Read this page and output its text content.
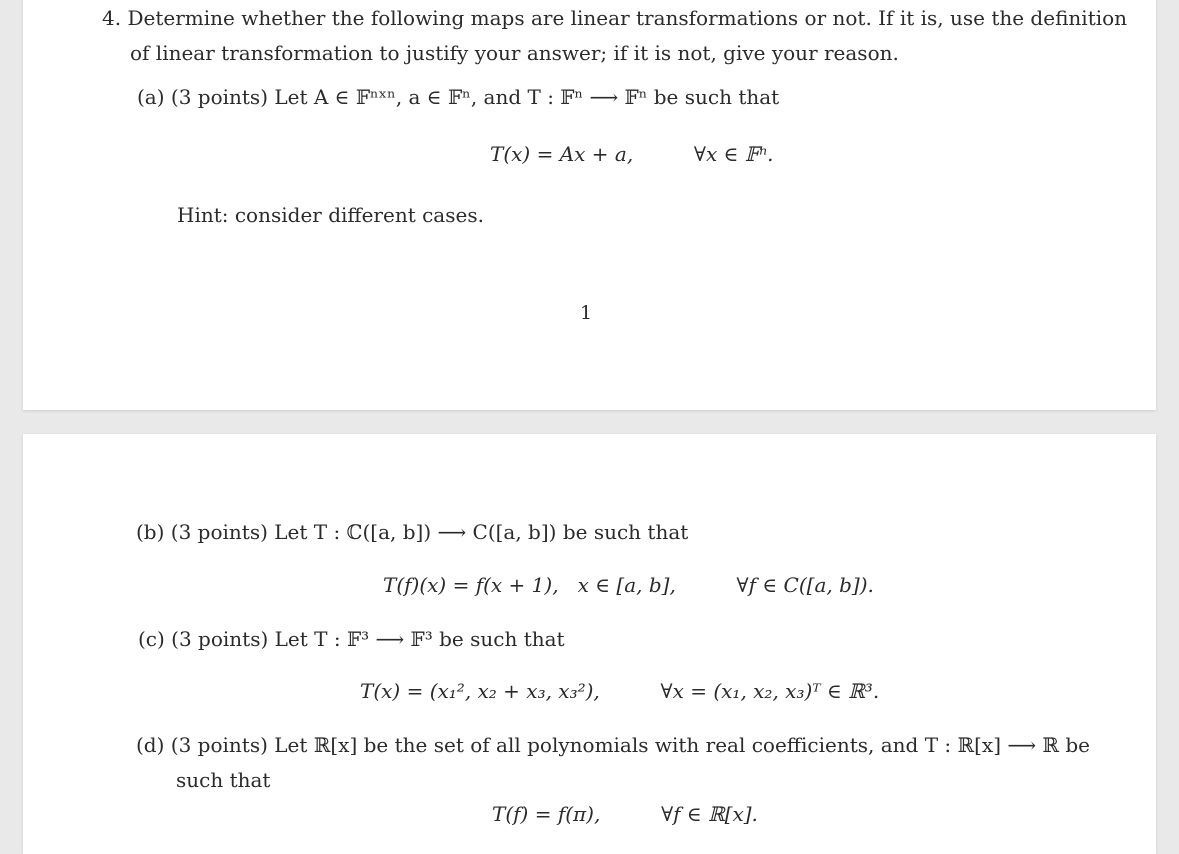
4. Determine whether the following maps are linear transformations or not. If it is, use the definition
of linear transformation to justify your answer; if it is not, give your reason.
(a) (3 points) Let A ∈ 𝔽ⁿˣⁿ, a ∈ 𝔽ⁿ, and T : 𝔽ⁿ ⟶ 𝔽ⁿ be such that
T(x) = Ax + a,	∀x ∈ 𝔽ⁿ.
Hint: consider different cases.
1
(b) (3 points) Let T : ℂ([a, b]) ⟶ C([a, b]) be such that
T(f)(x) = f(x + 1),   x ∈ [a, b],	∀f ∈ C([a, b]).
(c) (3 points) Let T : 𝔽³ ⟶ 𝔽³ be such that
T(x) = (x₁², x₂ + x₃, x₃²),	∀x = (x₁, x₂, x₃)ᵀ ∈ ℝ³.
(d) (3 points) Let ℝ[x] be the set of all polynomials with real coefficients, and T : ℝ[x] ⟶ ℝ be
such that
T(f) = f(π),	∀f ∈ ℝ[x].
